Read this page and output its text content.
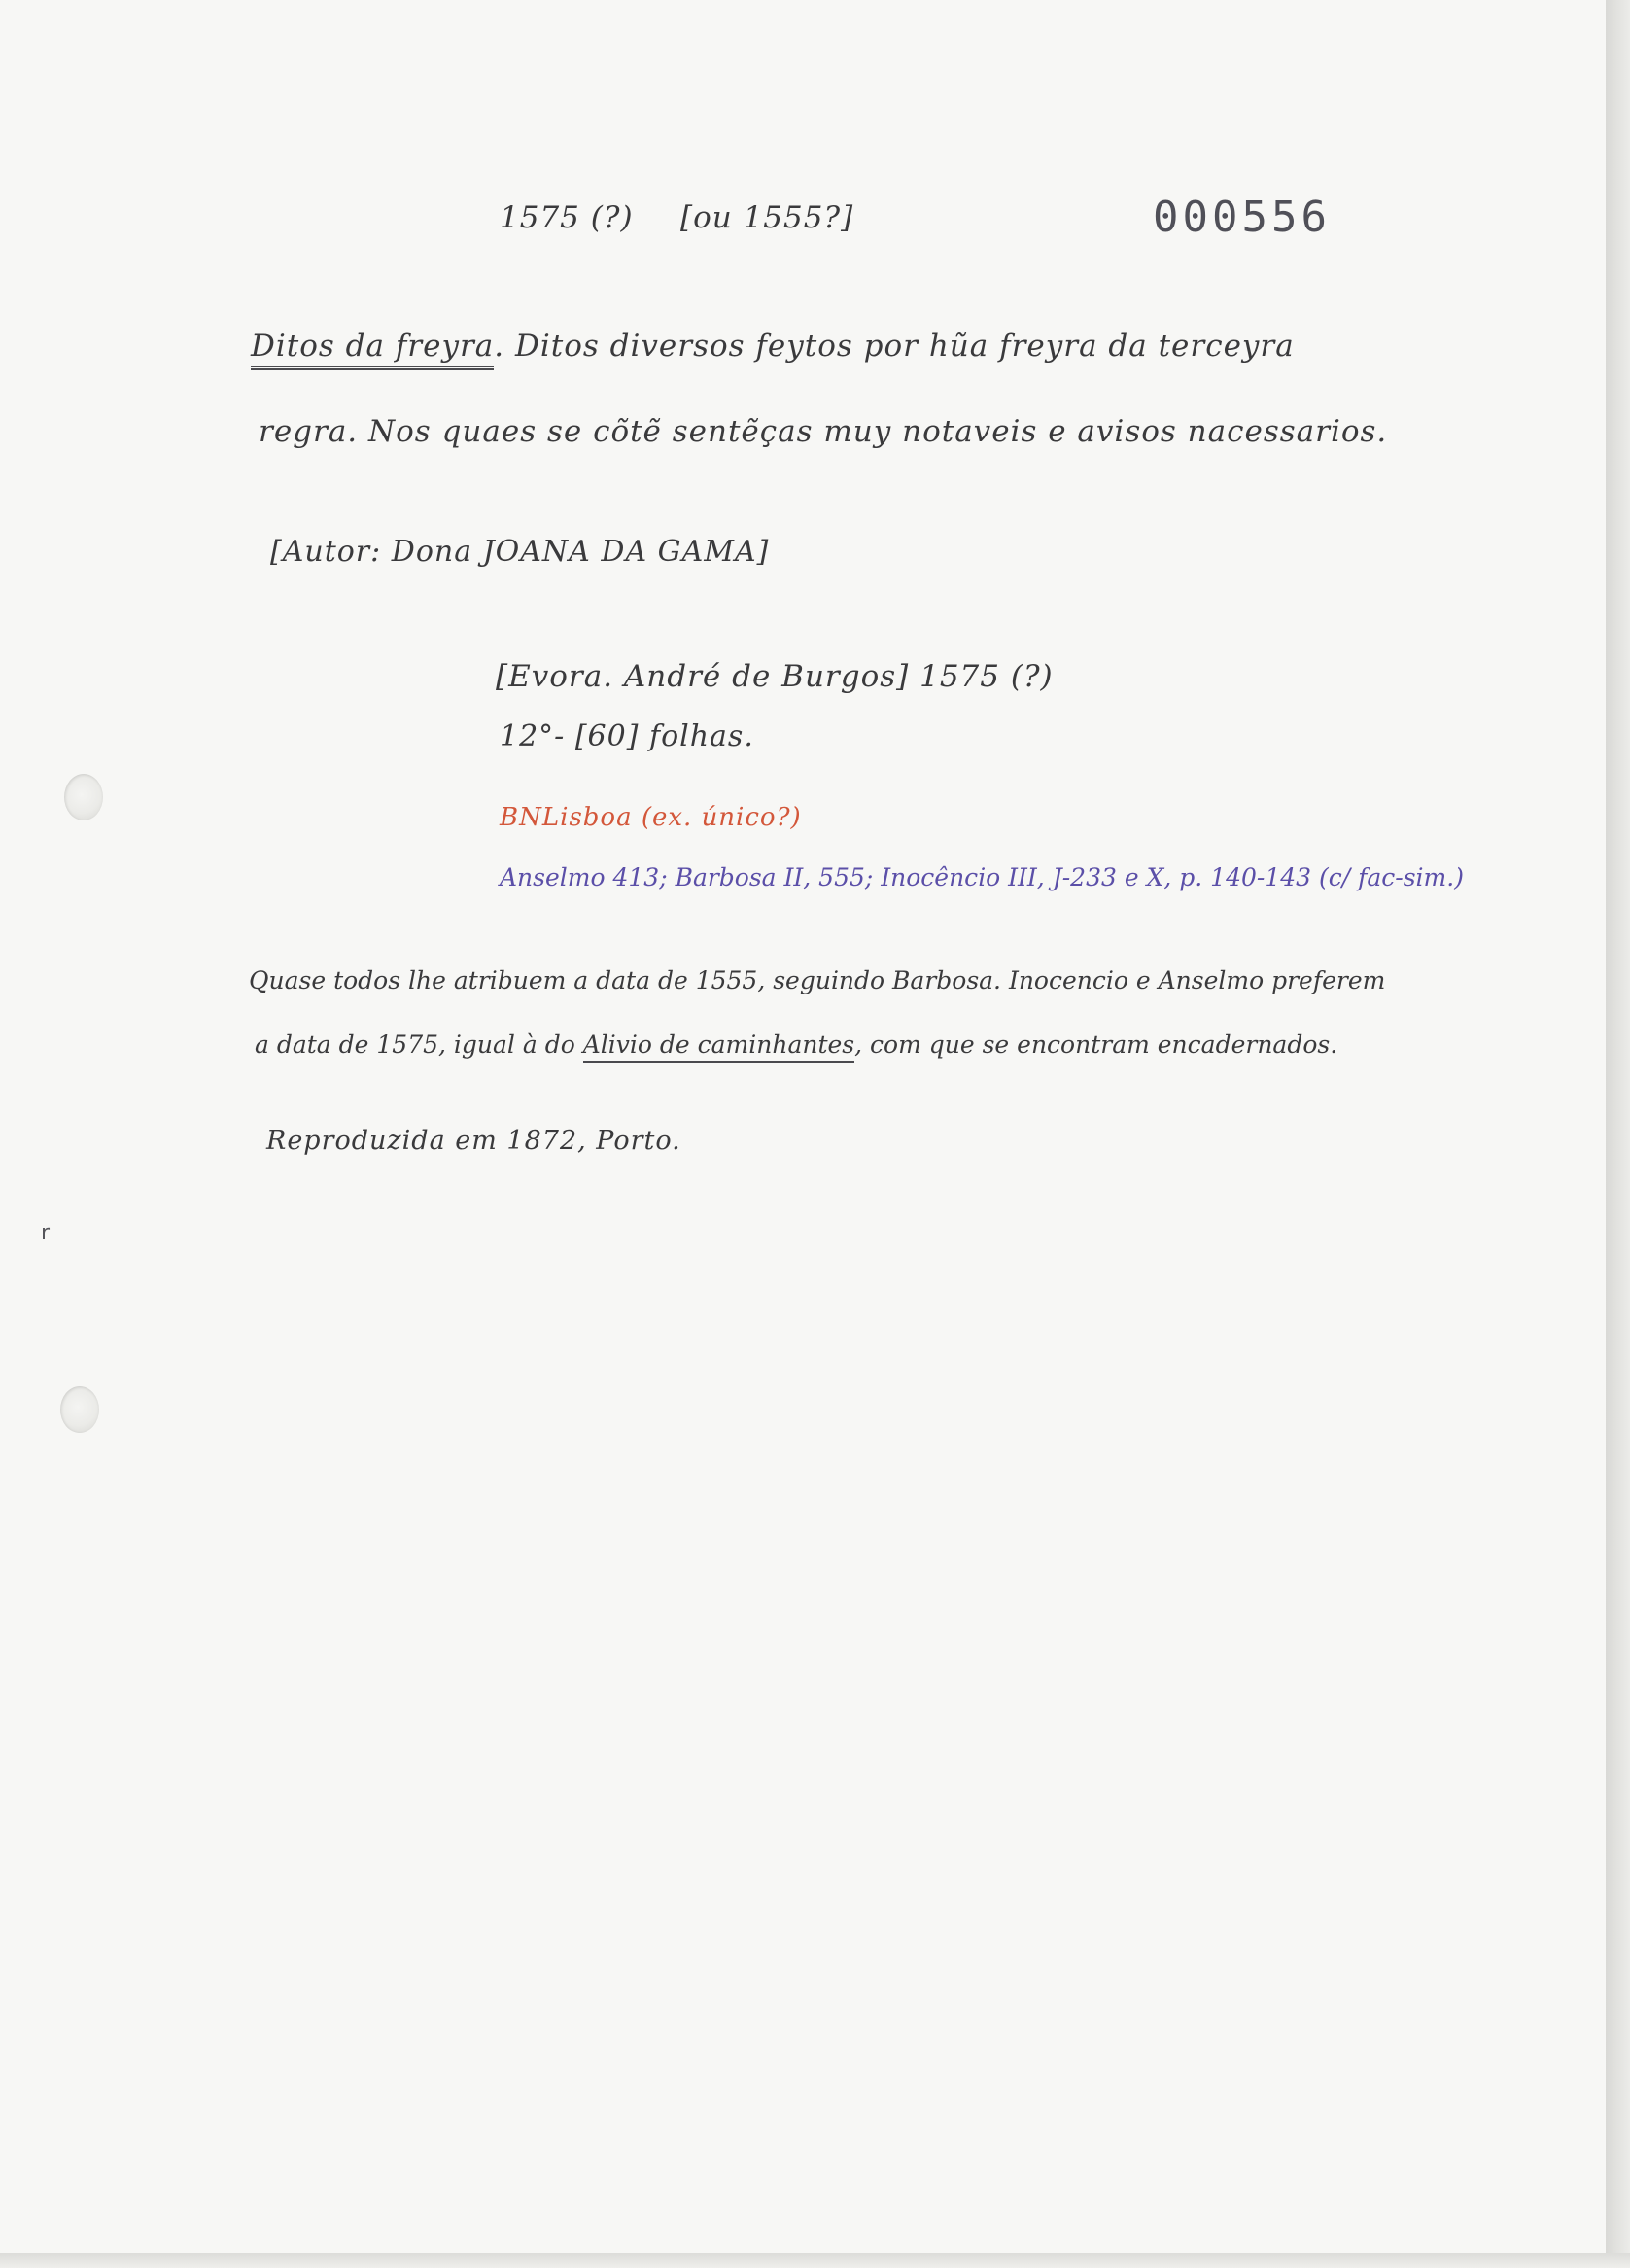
1575 (?) [ou 1555?]	000556
Ditos da freyra. Ditos diversos feytos por hũa freyra da terceyra
regra. Nos quaes se cõtẽ sentẽças muy notaveis e avisos nacessarios.
[Autor: Dona JOANA DA GAMA]
[Evora. André de Burgos] 1575 (?)
12°- [60] folhas.
BNLisboa (ex. único?)
Anselmo 413; Barbosa II, 555; Inocêncio III, J-233 e X, p. 140-143 (c/ fac-sim.)
Quase todos lhe atribuem a data de 1555, seguindo Barbosa. Inocencio e Anselmo preferem
a data de 1575, igual à do Alivio de caminhantes, com que se encontram encadernados.
Reproduzida em 1872, Porto.
r
